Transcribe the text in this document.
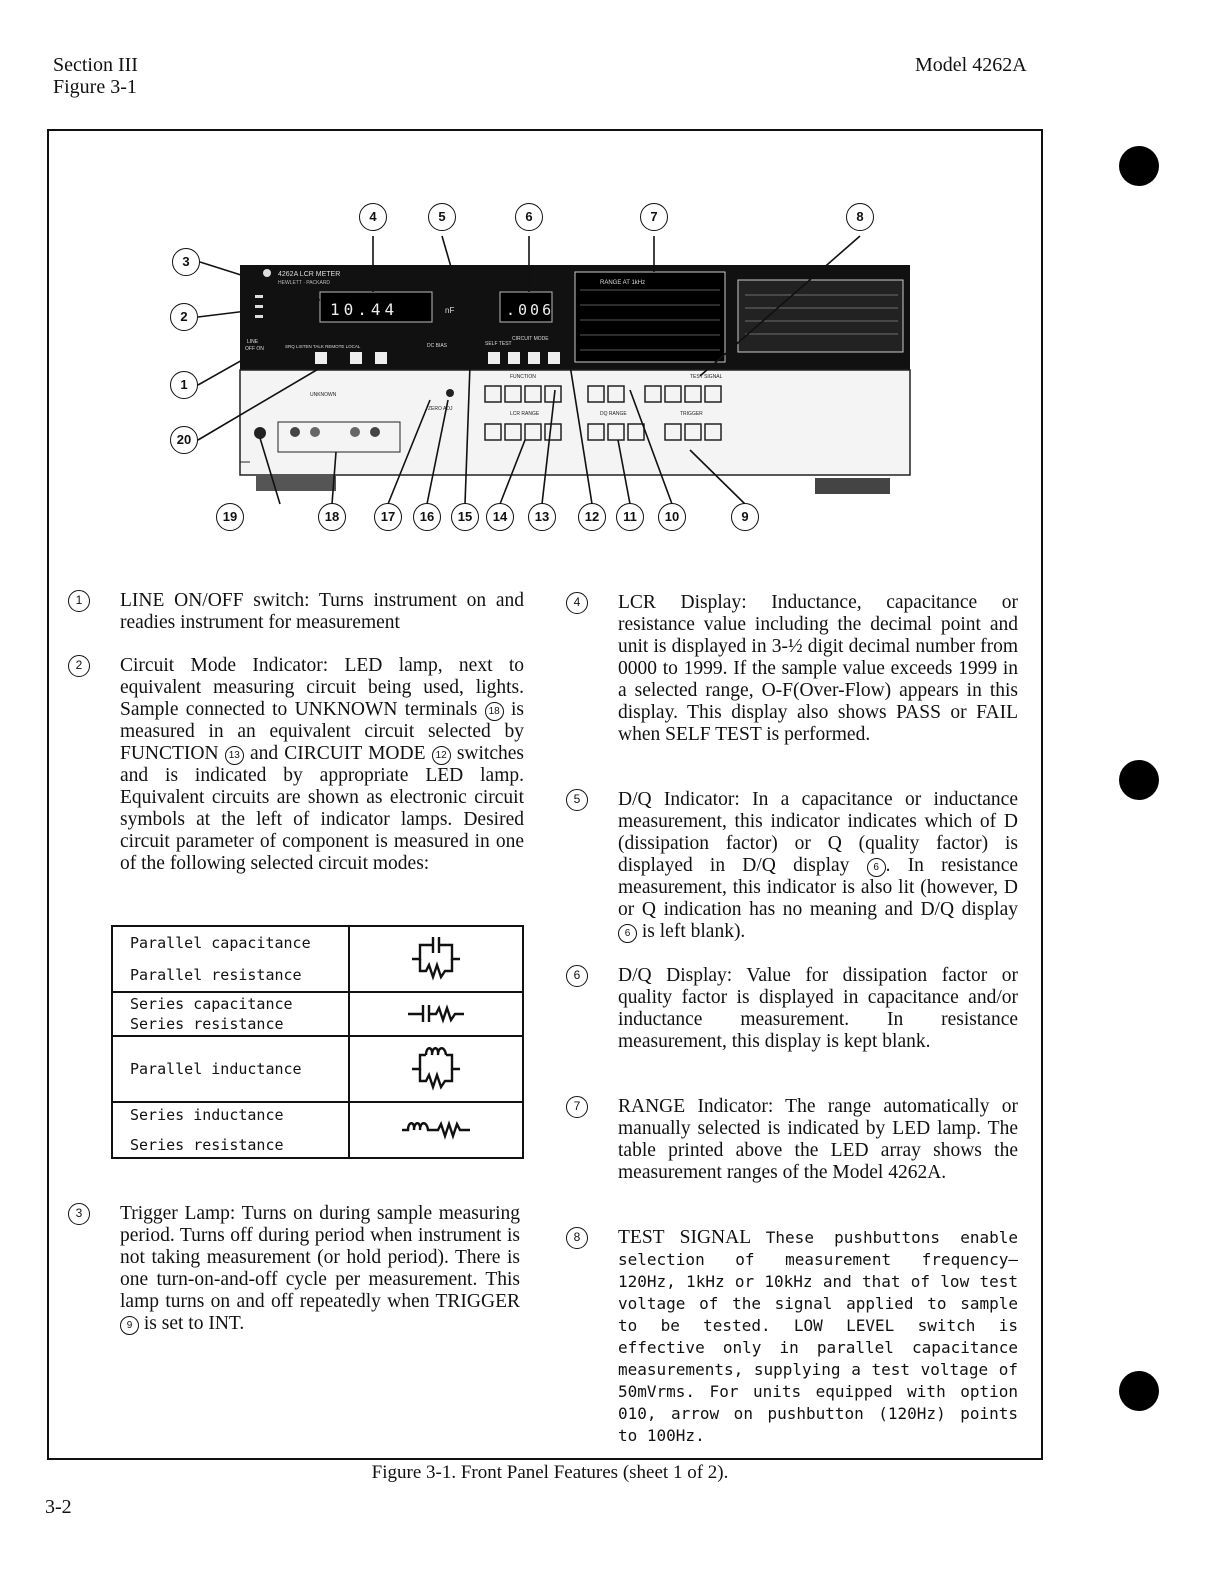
Section III
Figure 3-1
Model 4262A
10.44	nF	.006
4262A LCR METER
HEWLETT · PACKARD	RANGE AT 1kHz
LINE
OFF ON	SRQ LISTEN TALK REMOTE LOCAL	DC BIAS	SELF TEST
CIRCUIT MODE
FUNCTION	TEST SIGNAL
LCR RANGE	DQ RANGE	TRIGGER
UNKNOWN
ZERO ADJ
4	5	6	7	8
3
2
1
20
19	18	17	16	15	14	13	12	11	10	9
1	LINE ON/OFF switch: Turns instrument on and readies instrument for measurement
2	Circuit Mode Indicator: LED lamp, next to equivalent measuring circuit being used, lights. Sample connected to UNKNOWN terminals 18 is measured in an equivalent circuit selected by FUNCTION 13 and CIRCUIT MODE 12 switches and is indicated by appropriate LED lamp. Equivalent circuits are shown as electronic circuit symbols at the left of indicator lamps. Desired circuit parameter of component is measured in one of the following selected circuit modes:
Parallel capacitance
Parallel resistance

Series capacitance
Series resistance

Parallel inductance

Series inductance
Series resistance

3	Trigger Lamp: Turns on during sample measuring period. Turns off during period when instrument is not taking measurement (or hold period). There is one turn-on-and-off cycle per measurement. This lamp turns on and off repeatedly when TRIGGER 9 is set to INT.
4	LCR Display: Inductance, capacitance or resistance value including the decimal point and unit is displayed in 3-½ digit decimal number from 0000 to 1999. If the sample value exceeds 1999 in a selected range, O-F(Over-Flow) appears in this display. This display also shows PASS or FAIL when SELF TEST is performed.
5	D/Q Indicator: In a capacitance or inductance measurement, this indicator indicates which of D (dissipation factor) or Q (quality factor) is displayed in D/Q display 6 . In resistance measurement, this indicator is also lit (however, D or Q indication has no meaning and D/Q display 6 is left blank).
6	D/Q Display: Value for dissipation factor or quality factor is displayed in capacitance and/or inductance measurement. In resistance measurement, this display is kept blank.
7	RANGE Indicator: The range automatically or manually selected is indicated by LED lamp. The table printed above the LED array shows the measurement ranges of the Model 4262A.
8	TEST SIGNAL These pushbuttons enable selection of measurement frequency— 120Hz, 1kHz or 10kHz and that of low test voltage of the signal applied to sample to be tested. LOW LEVEL switch is effective only in parallel capacitance measurements, supplying a test voltage of 50mVrms. For units equipped with option 010, arrow on pushbutton (120Hz) points to 100Hz.
Figure 3-1. Front Panel Features (sheet 1 of 2).
3-2
